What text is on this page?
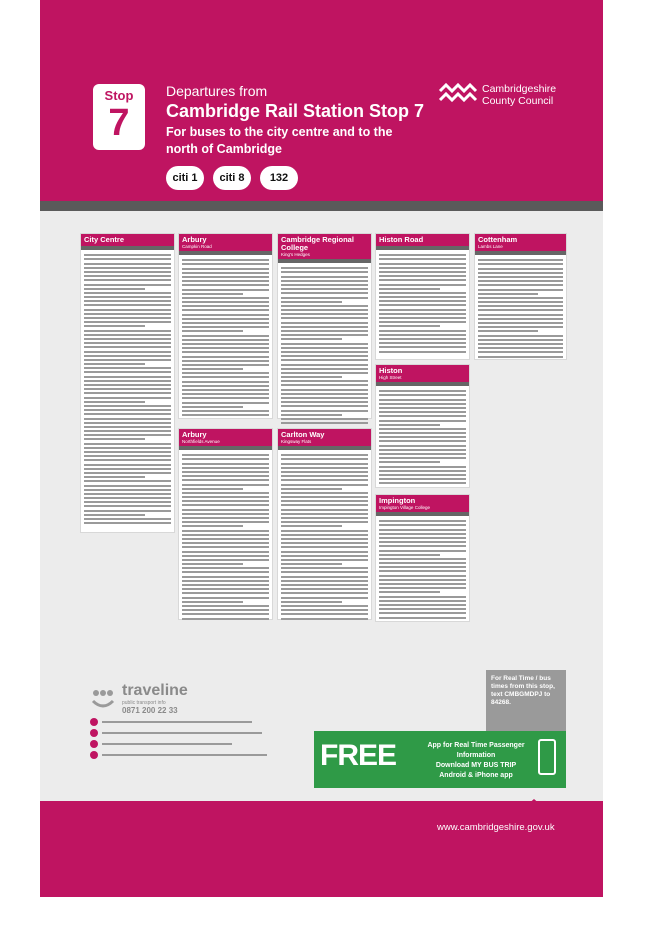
Stop
7
Departures from
Cambridge Rail Station Stop 7
For buses to the city centre and to the north of Cambridge
citi 1	citi 8	132
Cambridgeshire
County Council
City Centre	Arbury
Campkin Road
Cambridge Regional College
King's Hedges
Histon Road	Cottenham
Lambs Lane
Histon
High Street
Arbury
Northfields Avenue
Carlton Way
Kingsway Flats
Impington
Impington Village College
traveline
public transport info
0871 200 22 33
For Real Time / bus times from this stop, text CMBGMDPJ to 84268.
FREE	App for Real Time Passenger Information
Download MY BUS TRIP
Android & iPhone app
www.cambridgeshire.gov.uk
